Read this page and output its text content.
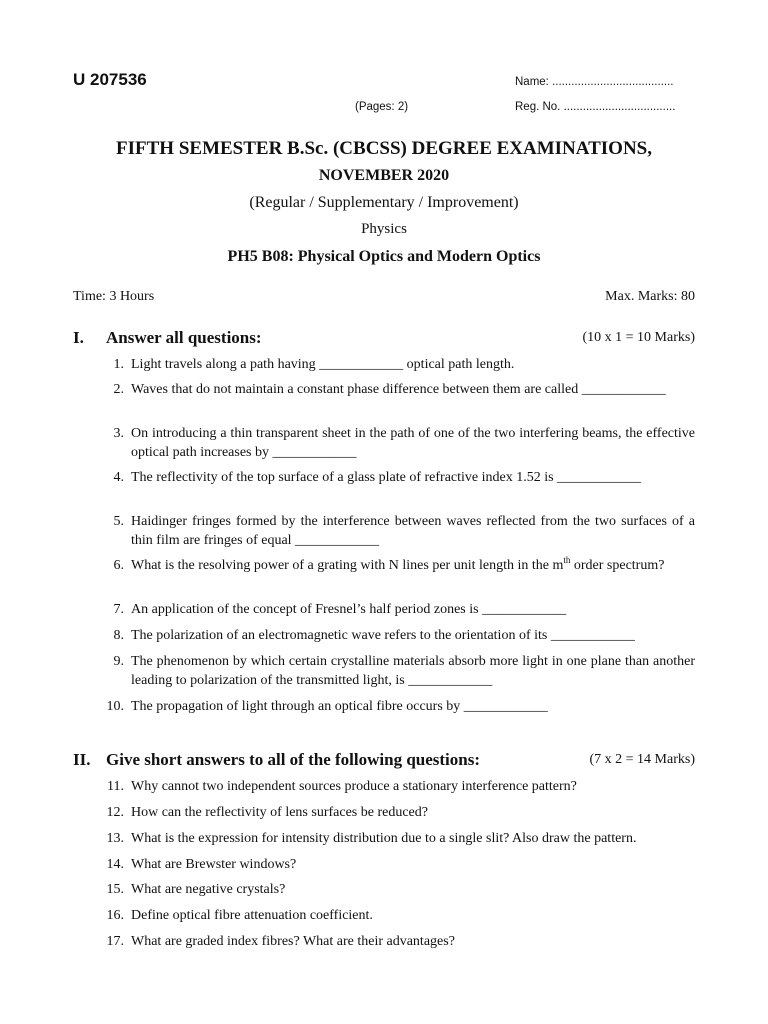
U 207536	Name: ......................................
(Pages: 2)	Reg. No. ...................................
FIFTH SEMESTER B.Sc. (CBCSS) DEGREE EXAMINATIONS,
NOVEMBER 2020
(Regular / Supplementary / Improvement)
Physics
PH5 B08: Physical Optics and Modern Optics
Time: 3 Hours	Max. Marks: 80
I. Answer all questions:	(10 x 1 = 10 Marks)
1. Light travels along a path having ____________ optical path length.
2. Waves that do not maintain a constant phase difference between them are called ____________
3. On introducing a thin transparent sheet in the path of one of the two interfering beams, the effective optical path increases by ____________
4. The reflectivity of the top surface of a glass plate of refractive index 1.52 is ____________
5. Haidinger fringes formed by the interference between waves reflected from the two surfaces of a thin film are fringes of equal ____________
6. What is the resolving power of a grating with N lines per unit length in the $m^{th}$ order spectrum?
7. An application of the concept of Fresnel’s half period zones is ____________
8. The polarization of an electromagnetic wave refers to the orientation of its ____________
9. The phenomenon by which certain crystalline materials absorb more light in one plane than another leading to polarization of the transmitted light, is ____________
10. The propagation of light through an optical fibre occurs by ____________
II. Give short answers to all of the following questions:	(7 x 2 = 14 Marks)
11. Why cannot two independent sources produce a stationary interference pattern?
12. How can the reflectivity of lens surfaces be reduced?
13. What is the expression for intensity distribution due to a single slit? Also draw the pattern.
14. What are Brewster windows?
15. What are negative crystals?
16. Define optical fibre attenuation coefficient.
17. What are graded index fibres? What are their advantages?
